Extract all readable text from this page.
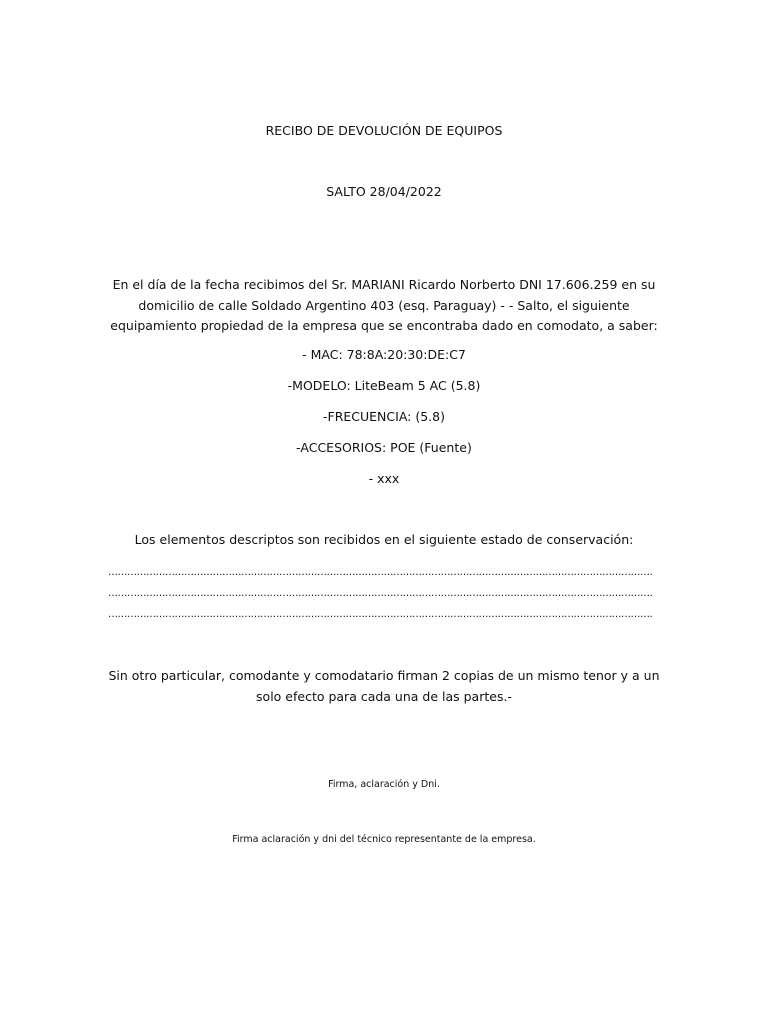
RECIBO DE DEVOLUCIÓN DE EQUIPOS
SALTO 28/04/2022
En el día de la fecha recibimos del Sr. MARIANI Ricardo Norberto DNI 17.606.259 en su
domicilio de calle Soldado Argentino 403 (esq. Paraguay) - - Salto, el siguiente
equipamiento propiedad de la empresa que se encontraba dado en comodato, a saber:
- MAC: 78:8A:20:30:DE:C7
-MODELO: LiteBeam 5 AC (5.8)
-FRECUENCIA: (5.8)
-ACCESORIOS: POE (Fuente)
- xxx
Los elementos descriptos son recibidos en el siguiente estado de conservación:
……………………………………………………………………………………………………………………………………………………….
……………………………………………………………………………………………………………………………………………………….
……………………………………………………………………………………………………………………………………………………….
Sin otro particular, comodante y comodatario firman 2 copias de un mismo tenor y a un
solo efecto para cada una de las partes.-
Firma, aclaración y Dni.
Firma aclaración y dni del técnico representante de la empresa.
